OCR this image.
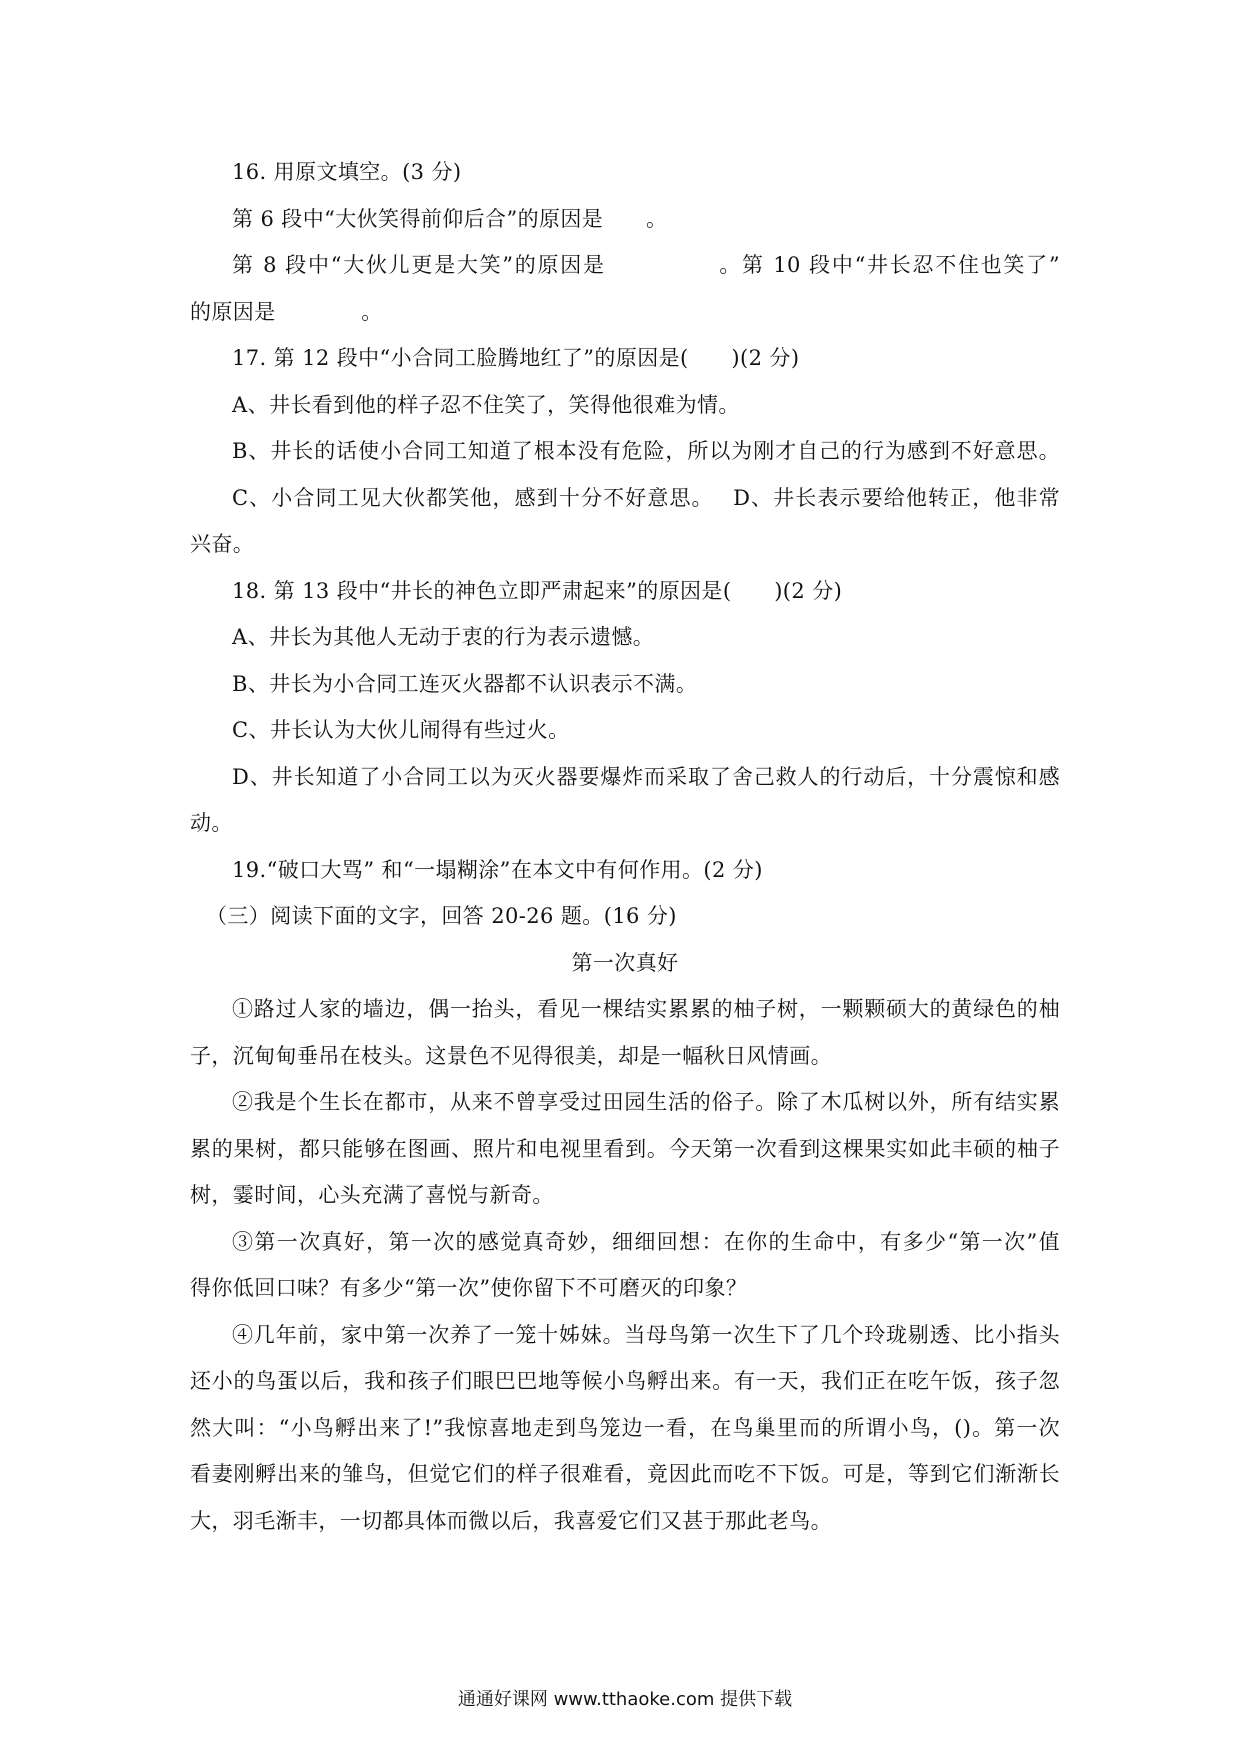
16. 用原文填空。(3 分)
第 6 段中“大伙笑得前仰后合”的原因是　　。
第 8 段中“大伙儿更是大笑”的原因是　　　　　。第 10 段中“井长忍不住也笑了”
的原因是　　　　。
17. 第 12 段中“小合同工脸腾地红了”的原因是(　　)(2 分)
A、井长看到他的样子忍不住笑了，笑得他很难为情。
B、井长的话使小合同工知道了根本没有危险，所以为刚才自己的行为感到不好意思。
C、小合同工见大伙都笑他，感到十分不好意思。　 D、井长表示要给他转正，他非常
兴奋。
18. 第 13 段中“井长的神色立即严肃起来”的原因是(　　)(2 分)
A、井长为其他人无动于衷的行为表示遗憾。
B、井长为小合同工连灭火器都不认识表示不满。
C、井长认为大伙儿闹得有些过火。
D、井长知道了小合同工以为灭火器要爆炸而采取了舍己救人的行动后，十分震惊和感
动。
19.“破口大骂” 和“一塌糊涂”在本文中有何作用。(2 分)
（三）阅读下面的文字，回答 20-26 题。(16 分)
第一次真好
①路过人家的墙边，偶一抬头，看见一棵结实累累的柚子树，一颗颗硕大的黄绿色的柚
子，沉甸甸垂吊在枝头。这景色不见得很美，却是一幅秋日风情画。
②我是个生长在都市，从来不曾享受过田园生活的俗子。除了木瓜树以外，所有结实累
累的果树，都只能够在图画、照片和电视里看到。今天第一次看到这棵果实如此丰硕的柚子
树，霎时间，心头充满了喜悦与新奇。
③第一次真好，第一次的感觉真奇妙，细细回想：在你的生命中，有多少“第一次”值
得你低回口味？有多少“第一次”使你留下不可磨灭的印象？
④几年前，家中第一次养了一笼十姊妹。当母鸟第一次生下了几个玲珑剔透、比小指头
还小的鸟蛋以后，我和孩子们眼巴巴地等候小鸟孵出来。有一天，我们正在吃午饭，孩子忽
然大叫：“小鸟孵出来了!”我惊喜地走到鸟笼边一看，在鸟巢里而的所谓小鸟，()。第一次
看妻刚孵出来的雏鸟，但觉它们的样子很难看，竟因此而吃不下饭。可是，等到它们渐渐长
大，羽毛渐丰，一切都具体而微以后，我喜爱它们又甚于那此老鸟。
通通好课网 www.tthaoke.com 提供下载
